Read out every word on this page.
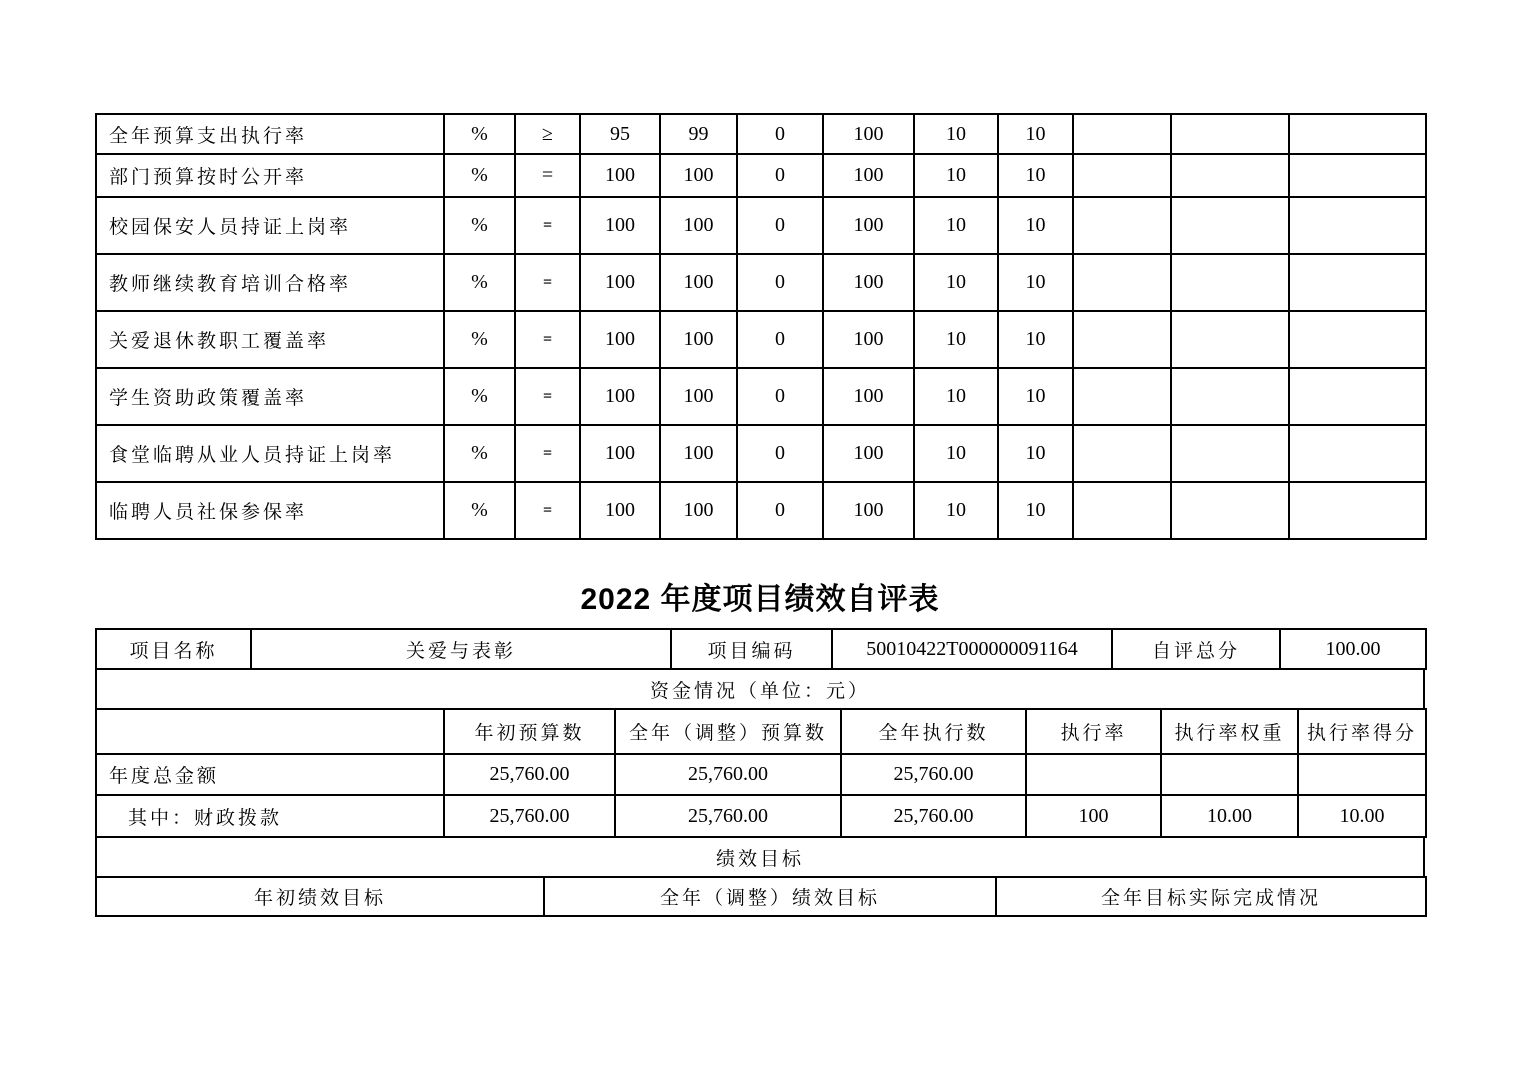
全年预算支出执行率	%	≥	95	99	0	100	10	10			
部门预算按时公开率	%	=	100	100	0	100	10	10			
校园保安人员持证上岗率	%	=	100	100	0	100	10	10			
教师继续教育培训合格率	%	=	100	100	0	100	10	10			
关爱退休教职工覆盖率	%	=	100	100	0	100	10	10			
学生资助政策覆盖率	%	=	100	100	0	100	10	10			
食堂临聘从业人员持证上岗率	%	=	100	100	0	100	10	10			
临聘人员社保参保率	%	=	100	100	0	100	10	10			
2022 年度项目绩效自评表
项目名称	关爱与表彰	项目编码	50010422T000000091164	自评总分	100.00
资金情况（单位：元）
	年初预算数	全年（调整）预算数	全年执行数	执行率	执行率权重	执行率得分
年度总金额	25,760.00	25,760.00	25,760.00			
其中：财政拨款	25,760.00	25,760.00	25,760.00	100	10.00	10.00
绩效目标
年初绩效目标	全年（调整）绩效目标	全年目标实际完成情况
